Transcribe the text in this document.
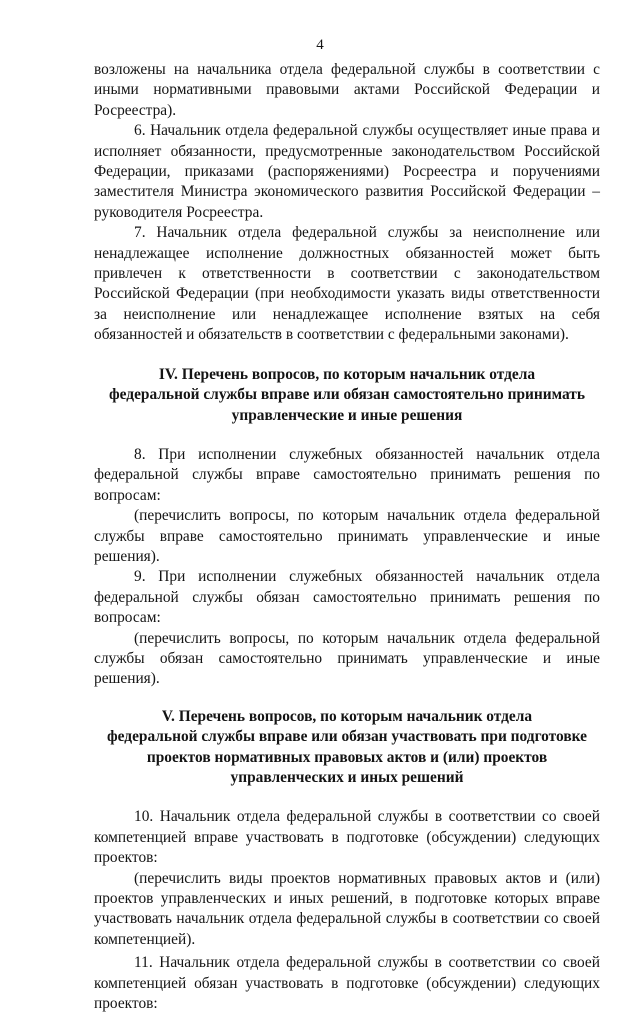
4

возложены на начальника отдела федеральной службы в соответствии с иными нормативными правовыми актами Российской Федерации и Росреестра).

6. Начальник отдела федеральной службы осуществляет иные права и исполняет обязанности, предусмотренные законодательством Российской Федерации, приказами (распоряжениями) Росреестра и поручениями заместителя Министра экономического развития Российской Федерации – руководителя Росреестра.

7. Начальник отдела федеральной службы за неисполнение или ненадлежащее исполнение должностных обязанностей может быть привлечен к ответственности в соответствии с законодательством Российской Федерации (при необходимости указать виды ответственности за неисполнение или ненадлежащее исполнение взятых на себя обязанностей и обязательств в соответствии с федеральными законами).

IV. Перечень вопросов, по которым начальник отдела
федеральной службы вправе или обязан самостоятельно принимать
управленческие и иные решения

8. При исполнении служебных обязанностей начальник отдела федеральной службы вправе самостоятельно принимать решения по вопросам:

(перечислить вопросы, по которым начальник отдела федеральной службы вправе самостоятельно принимать управленческие и иные решения).

9. При исполнении служебных обязанностей начальник отдела федеральной службы обязан самостоятельно принимать решения по вопросам:

(перечислить вопросы, по которым начальник отдела федеральной службы обязан самостоятельно принимать управленческие и иные решения).

V. Перечень вопросов, по которым начальник отдела
федеральной службы вправе или обязан участвовать при подготовке
проектов нормативных правовых актов и (или) проектов
управленческих и иных решений

10. Начальник отдела федеральной службы в соответствии со своей компетенцией вправе участвовать в подготовке (обсуждении) следующих проектов:

(перечислить виды проектов нормативных правовых актов и (или) проектов управленческих и иных решений, в подготовке которых вправе участвовать начальник отдела федеральной службы в соответствии со своей компетенцией).

11. Начальник отдела федеральной службы в соответствии со своей компетенцией обязан участвовать в подготовке (обсуждении) следующих проектов:
